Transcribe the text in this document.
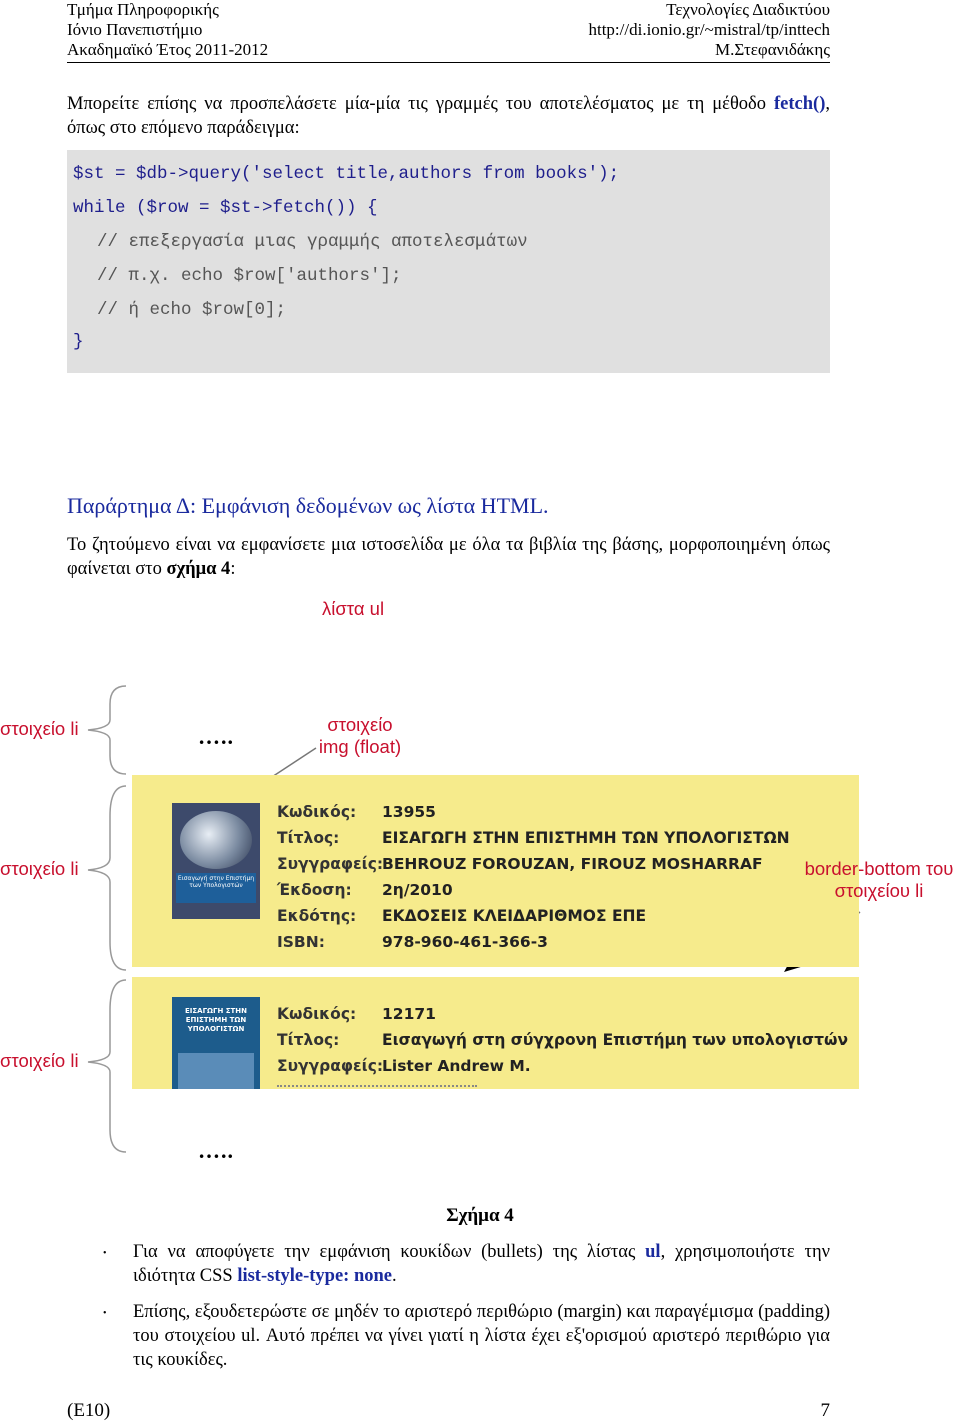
Τμήμα Πληροφορικής
Ιόνιο Πανεπιστήμιο
Ακαδημαϊκό Έτος 2011-2012
Τεχνολογίες Διαδικτύου
http://di.ionio.gr/~mistral/tp/inttech
Μ.Στεφανιδάκης
Μπορείτε επίσης να προσπελάσετε μία-μία τις γραμμές του αποτελέσματος με τη μέθοδο fetch(), όπως στο επόμενο παράδειγμα:
$st = $db->query('select title,authors from books');
while ($row = $st->fetch()) {
// επεξεργασία μιας γραμμής αποτελεσμάτων
// π.χ. echo $row['authors'];
// ή echo $row[0];
}
Παράρτημα Δ: Εμφάνιση δεδομένων ως λίστα HTML.
Το ζητούμενο είναι να εμφανίσετε μια ιστοσελίδα με όλα τα βιβλία της βάσης, μορφοποιημένη όπως φαίνεται στο σχήμα 4:
λίστα ul
στοιχείο li	…..	στοιχείο
img (float)
Εισαγωγή στην Επιστήμη των Υπολογιστών
Κωδικός: 13955
Τίτλος:	ΕΙΣΑΓΩΓΗ ΣΤΗΝ ΕΠΙΣΤΗΜΗ ΤΩΝ ΥΠΟΛΟΓΙΣΤΩΝ
Συγγραφείς:
BEHROUZ FOROUZAN, FIROUZ MOSHARRAF
Έκδοση: 2η/2010
Εκδότης: ΕΚΔΟΣΕΙΣ ΚΛΕΙΔΑΡΙΘΜΟΣ ΕΠΕ
ISBN:	978-960-461-366-3
στοιχείο li	border-bottom του
στοιχείου li
ΕΙΣΑΓΩΓΗ ΣΤΗΝ ΕΠΙΣΤΗΜΗ ΤΩΝ ΥΠΟΛΟΓΙΣΤΩΝ
Κωδικός: 12171
Τίτλος:	Εισαγωγή στη σύγχρονη Επιστήμη των υπολογιστών
Συγγραφείς:
Lister Andrew M.
στοιχείο li
…..
Σχήμα 4
• Για να αποφύγετε την εμφάνιση κουκίδων (bullets) της λίστας ul, χρησιμοποιήστε την ιδιότητα CSS list-style-type: none.
• Επίσης, εξουδετερώστε σε μηδέν το αριστερό περιθώριο (margin) και παραγέμισμα (padding) του στοιχείου ul. Αυτό πρέπει να γίνει γιατί η λίστα έχει εξ'ορισμού αριστερό περιθώριο για τις κουκίδες.
(Ε10)	7
